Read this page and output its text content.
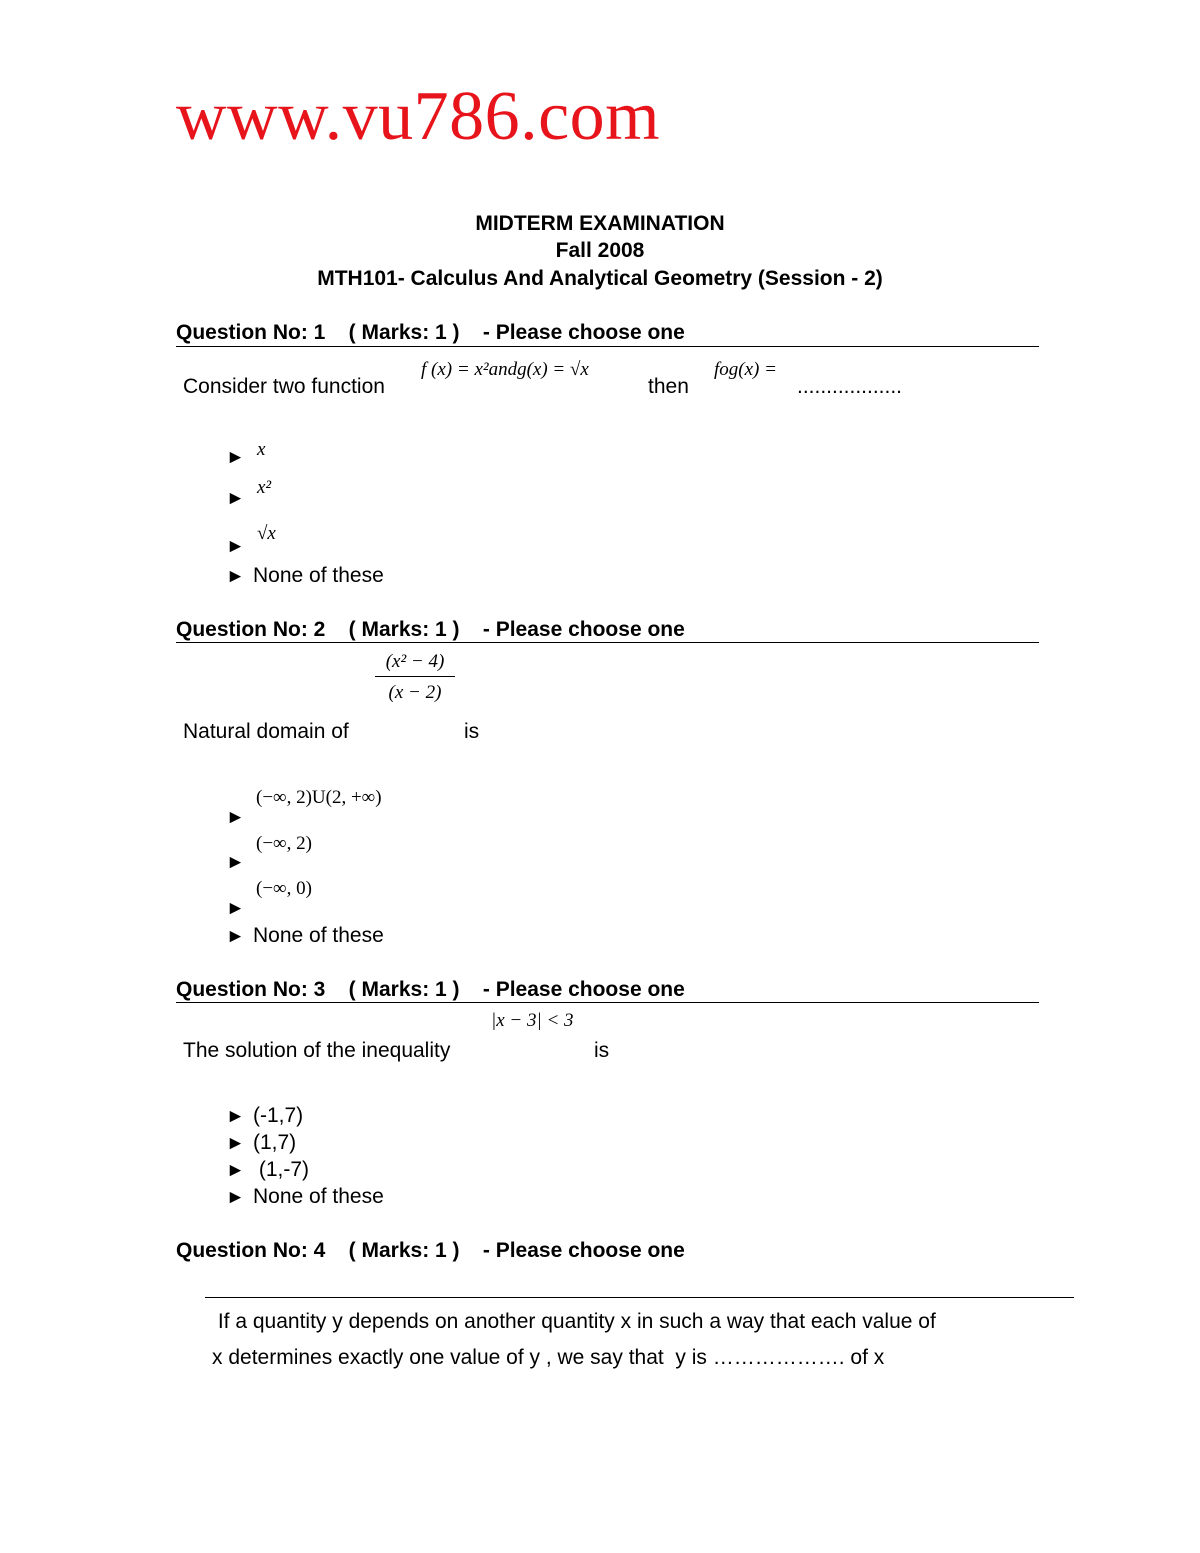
www.vu786.com
MIDTERM EXAMINATION
Fall 2008
MTH101- Calculus And Analytical Geometry (Session - 2)
Question No: 1    ( Marks: 1 )    - Please choose one
f (x) = x²andg(x) = √x
Consider two function	then
fog(x) =
..................
► x
►
x²
►
√x
► None of these
Question No: 2    ( Marks: 1 )    - Please choose one
$\frac{\text{(x² − 4)}}{(x - 2)}$
Natural domain of	is
►
(−∞, 2)U(2, +∞)
►
(−∞, 2)
►
(−∞, 0)
► None of these
Question No: 3    ( Marks: 1 )    - Please choose one
|x − 3| < 3
The solution of the inequality	is
► (-1,7)
► (1,7)
► (1,-7)
► None of these
Question No: 4    ( Marks: 1 )    - Please choose one
If a quantity y depends on another quantity x in such a way that each value of
x determines exactly one value of y , we say that  y is ………………. of x
